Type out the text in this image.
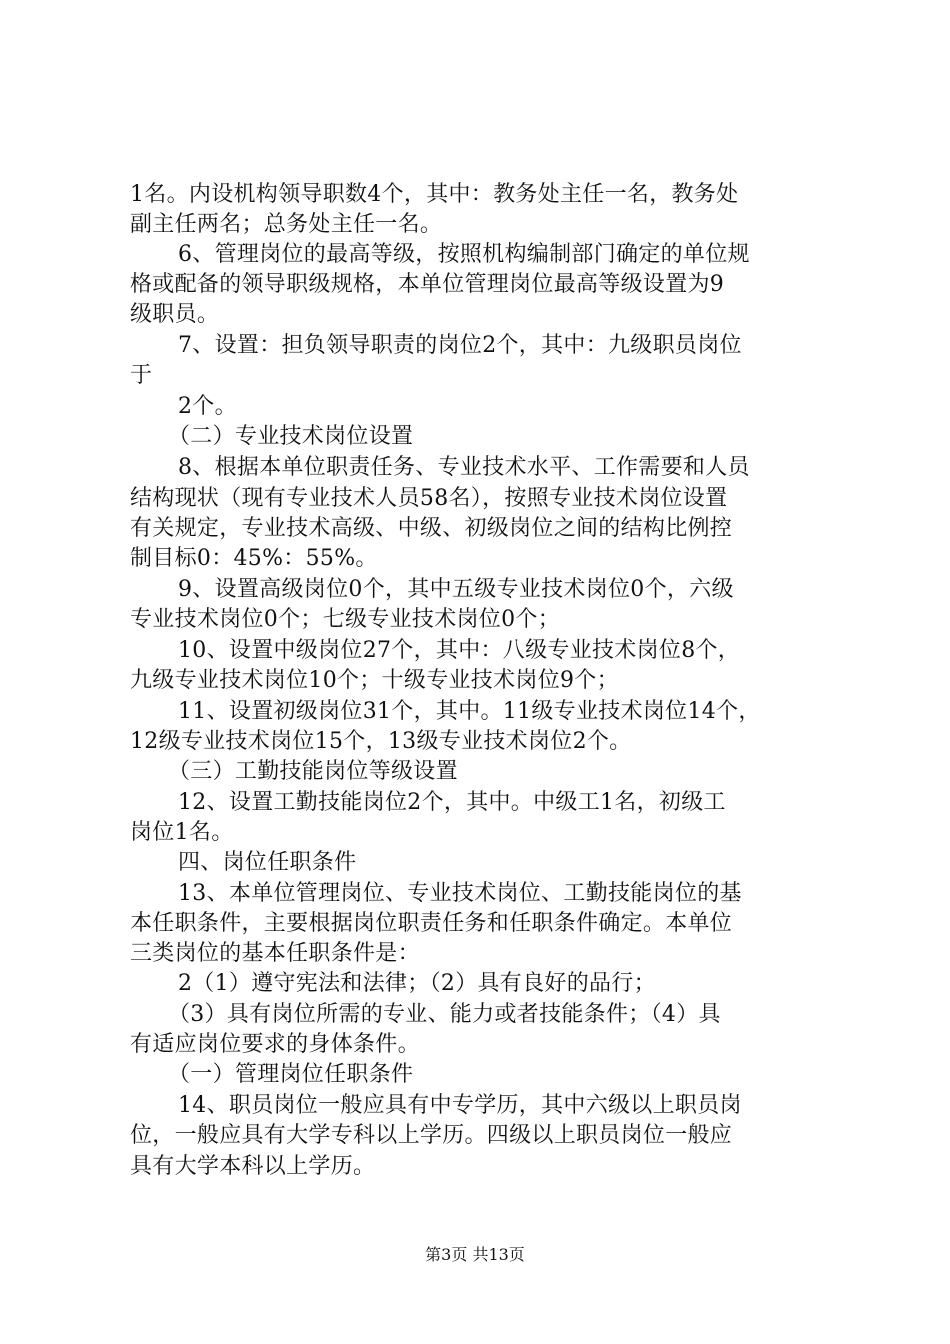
1名。内设机构领导职数4个，其中：教务处主任一名，教务处
副主任两名；总务处主任一名。
6、管理岗位的最高等级，按照机构编制部门确定的单位规
格或配备的领导职级规格，本单位管理岗位最高等级设置为9
级职员。
7、设置：担负领导职责的岗位2个，其中：九级职员岗位
于
2个。
（二）专业技术岗位设置
8、根据本单位职责任务、专业技术水平、工作需要和人员
结构现状（现有专业技术人员58名），按照专业技术岗位设置
有关规定，专业技术高级、中级、初级岗位之间的结构比例控
制目标0：45%：55%。
9、设置高级岗位0个，其中五级专业技术岗位0个，六级
专业技术岗位0个；七级专业技术岗位0个；
10、设置中级岗位27个，其中：八级专业技术岗位8个，
九级专业技术岗位10个；十级专业技术岗位9个；
11、设置初级岗位31个，其中。11级专业技术岗位14个，
12级专业技术岗位15个，13级专业技术岗位2个。
（三）工勤技能岗位等级设置
12、设置工勤技能岗位2个，其中。中级工1名，初级工
岗位1名。
四、岗位任职条件
13、本单位管理岗位、专业技术岗位、工勤技能岗位的基
本任职条件，主要根据岗位职责任务和任职条件确定。本单位
三类岗位的基本任职条件是：
2（1）遵守宪法和法律；（2）具有良好的品行；
（3）具有岗位所需的专业、能力或者技能条件；（4）具
有适应岗位要求的身体条件。
（一）管理岗位任职条件
14、职员岗位一般应具有中专学历，其中六级以上职员岗
位，一般应具有大学专科以上学历。四级以上职员岗位一般应
具有大学本科以上学历。
第3页 共13页
